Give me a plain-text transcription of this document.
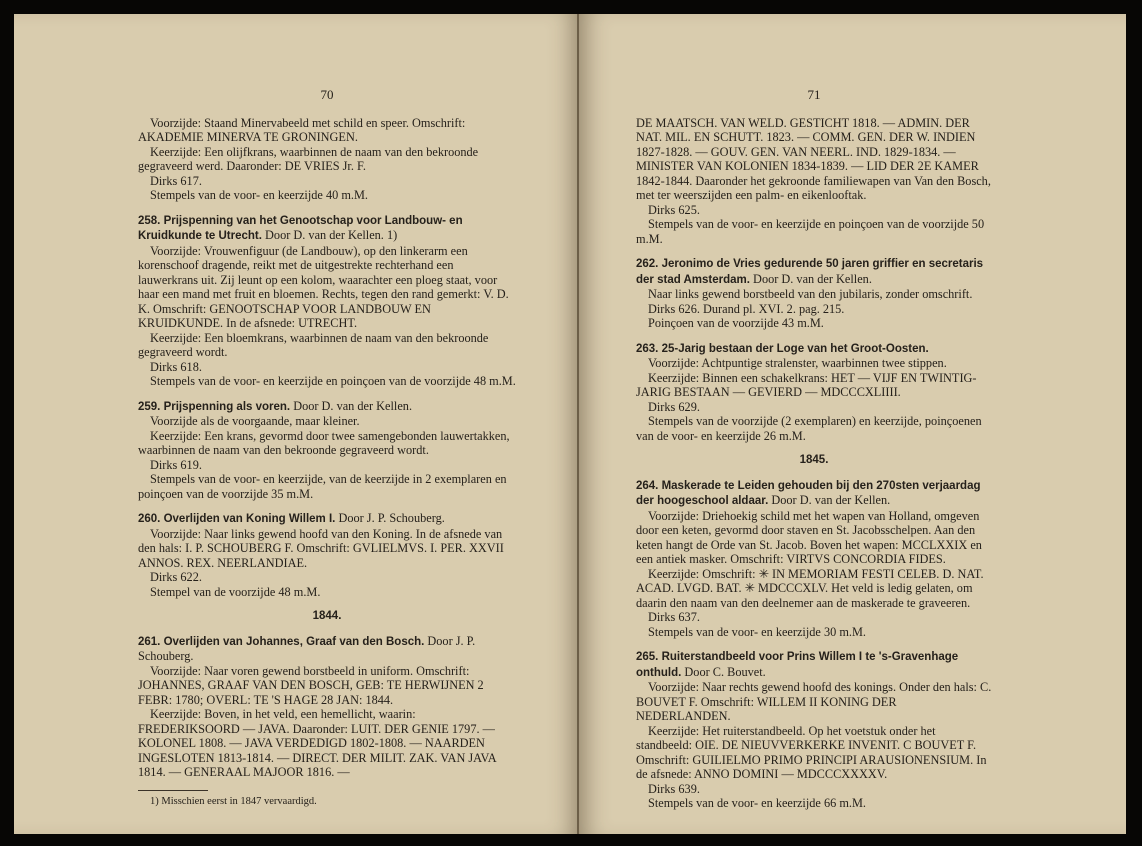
70

Voorzijde: Staand Minervabeeld met schild en speer. Omschrift: AKADEMIE MINERVA TE GRONINGEN.

Keerzijde: Een olijfkrans, waarbinnen de naam van den bekroonde gegraveerd werd. Daaronder: DE VRIES Jr. F.

Dirks 617.

Stempels van de voor- en keerzijde 40 m.M.

258. Prijspenning van het Genootschap voor Landbouw- en Kruidkunde te Utrecht. Door D. van der Kellen. 1)

Voorzijde: Vrouwenfiguur (de Landbouw), op den linkerarm een korenschoof dragende, reikt met de uitgestrekte rechterhand een lauwerkrans uit. Zij leunt op een kolom, waarachter een ploeg staat, voor haar een mand met fruit en bloemen. Rechts, tegen den rand gemerkt: V. D. K. Omschrift: GENOOTSCHAP VOOR LANDBOUW EN KRUIDKUNDE. In de afsnede: UTRECHT.

Keerzijde: Een bloemkrans, waarbinnen de naam van den bekroonde gegraveerd wordt.

Dirks 618.

Stempels van de voor- en keerzijde en poinçoen van de voorzijde 48 m.M.

259. Prijspenning als voren. Door D. van der Kellen.

Voorzijde als de voorgaande, maar kleiner.

Keerzijde: Een krans, gevormd door twee samengebonden lauwertakken, waarbinnen de naam van den bekroonde gegraveerd wordt.

Dirks 619.

Stempels van de voor- en keerzijde, van de keerzijde in 2 exemplaren en poinçoen van de voorzijde 35 m.M.

260. Overlijden van Koning Willem I. Door J. P. Schouberg.

Voorzijde: Naar links gewend hoofd van den Koning. In de afsnede van den hals: I. P. SCHOUBERG F. Omschrift: GVLIELMVS. I. PER. XXVII ANNOS. REX. NEERLANDIAE.

Dirks 622.

Stempel van de voorzijde 48 m.M.

1844.

261. Overlijden van Johannes, Graaf van den Bosch. Door J. P. Schouberg.

Voorzijde: Naar voren gewend borstbeeld in uniform. Omschrift: JOHANNES, GRAAF VAN DEN BOSCH, GEB: TE HERWIJNEN 2 FEBR: 1780; OVERL: TE 'S HAGE 28 JAN: 1844.

Keerzijde: Boven, in het veld, een hemellicht, waarin: FREDERIKSOORD — JAVA. Daaronder: LUIT. DER GENIE 1797. — KOLONEL 1808. — JAVA VERDEDIGD 1802-1808. — NAARDEN INGESLOTEN 1813-1814. — DIRECT. DER MILIT. ZAK. VAN JAVA 1814. — GENERAAL MAJOOR 1816. —

1) Misschien eerst in 1847 vervaardigd.
71

DE MAATSCH. VAN WELD. GESTICHT 1818. — ADMIN. DER NAT. MIL. EN SCHUTT. 1823. — COMM. GEN. DER W. INDIEN 1827-1828. — GOUV. GEN. VAN NEERL. IND. 1829-1834. — MINISTER VAN KOLONIEN 1834-1839. — LID DER 2E KAMER 1842-1844. Daaronder het gekroonde familiewapen van Van den Bosch, met ter weerszijden een palm- en eikenlooftak.

Dirks 625.

Stempels van de voor- en keerzijde en poinçoen van de voorzijde 50 m.M.

262. Jeronimo de Vries gedurende 50 jaren griffier en secretaris der stad Amsterdam. Door D. van der Kellen.

Naar links gewend borstbeeld van den jubilaris, zonder omschrift.

Dirks 626. Durand pl. XVI. 2. pag. 215.

Poinçoen van de voorzijde 43 m.M.

263. 25-Jarig bestaan der Loge van het Groot-Oosten.

Voorzijde: Achtpuntige stralenster, waarbinnen twee stippen.

Keerzijde: Binnen een schakelkrans: HET — VIJF EN TWINTIG-JARIG BESTAAN — GEVIERD — MDCCCXLIIII.

Dirks 629.

Stempels van de voorzijde (2 exemplaren) en keerzijde, poinçoenen van de voor- en keerzijde 26 m.M.

1845.

264. Maskerade te Leiden gehouden bij den 270sten verjaardag der hoogeschool aldaar. Door D. van der Kellen.

Voorzijde: Driehoekig schild met het wapen van Holland, omgeven door een keten, gevormd door staven en St. Jacobsschelpen. Aan den keten hangt de Orde van St. Jacob. Boven het wapen: MCCLXXIX en een antiek masker. Omschrift: VIRTVS CONCORDIA FIDES.

Keerzijde: Omschrift: ✳ IN MEMORIAM FESTI CELEB. D. NAT. ACAD. LVGD. BAT. ✳ MDCCCXLV. Het veld is ledig gelaten, om daarin den naam van den deelnemer aan de maskerade te graveeren.

Dirks 637.

Stempels van de voor- en keerzijde 30 m.M.

265. Ruiterstandbeeld voor Prins Willem I te 's-Gravenhage onthuld. Door C. Bouvet.

Voorzijde: Naar rechts gewend hoofd des konings. Onder den hals: C. BOUVET F. Omschrift: WILLEM II KONING DER NEDERLANDEN.

Keerzijde: Het ruiterstandbeeld. Op het voetstuk onder het standbeeld: OIE. DE NIEUVVERKERKE INVENIT. C BOUVET F. Omschrift: GUILIELMO PRIMO PRINCIPI ARAUSIONENSIUM. In de afsnede: ANNO DOMINI — MDCCCXXXXV.

Dirks 639.

Stempels van de voor- en keerzijde 66 m.M.
